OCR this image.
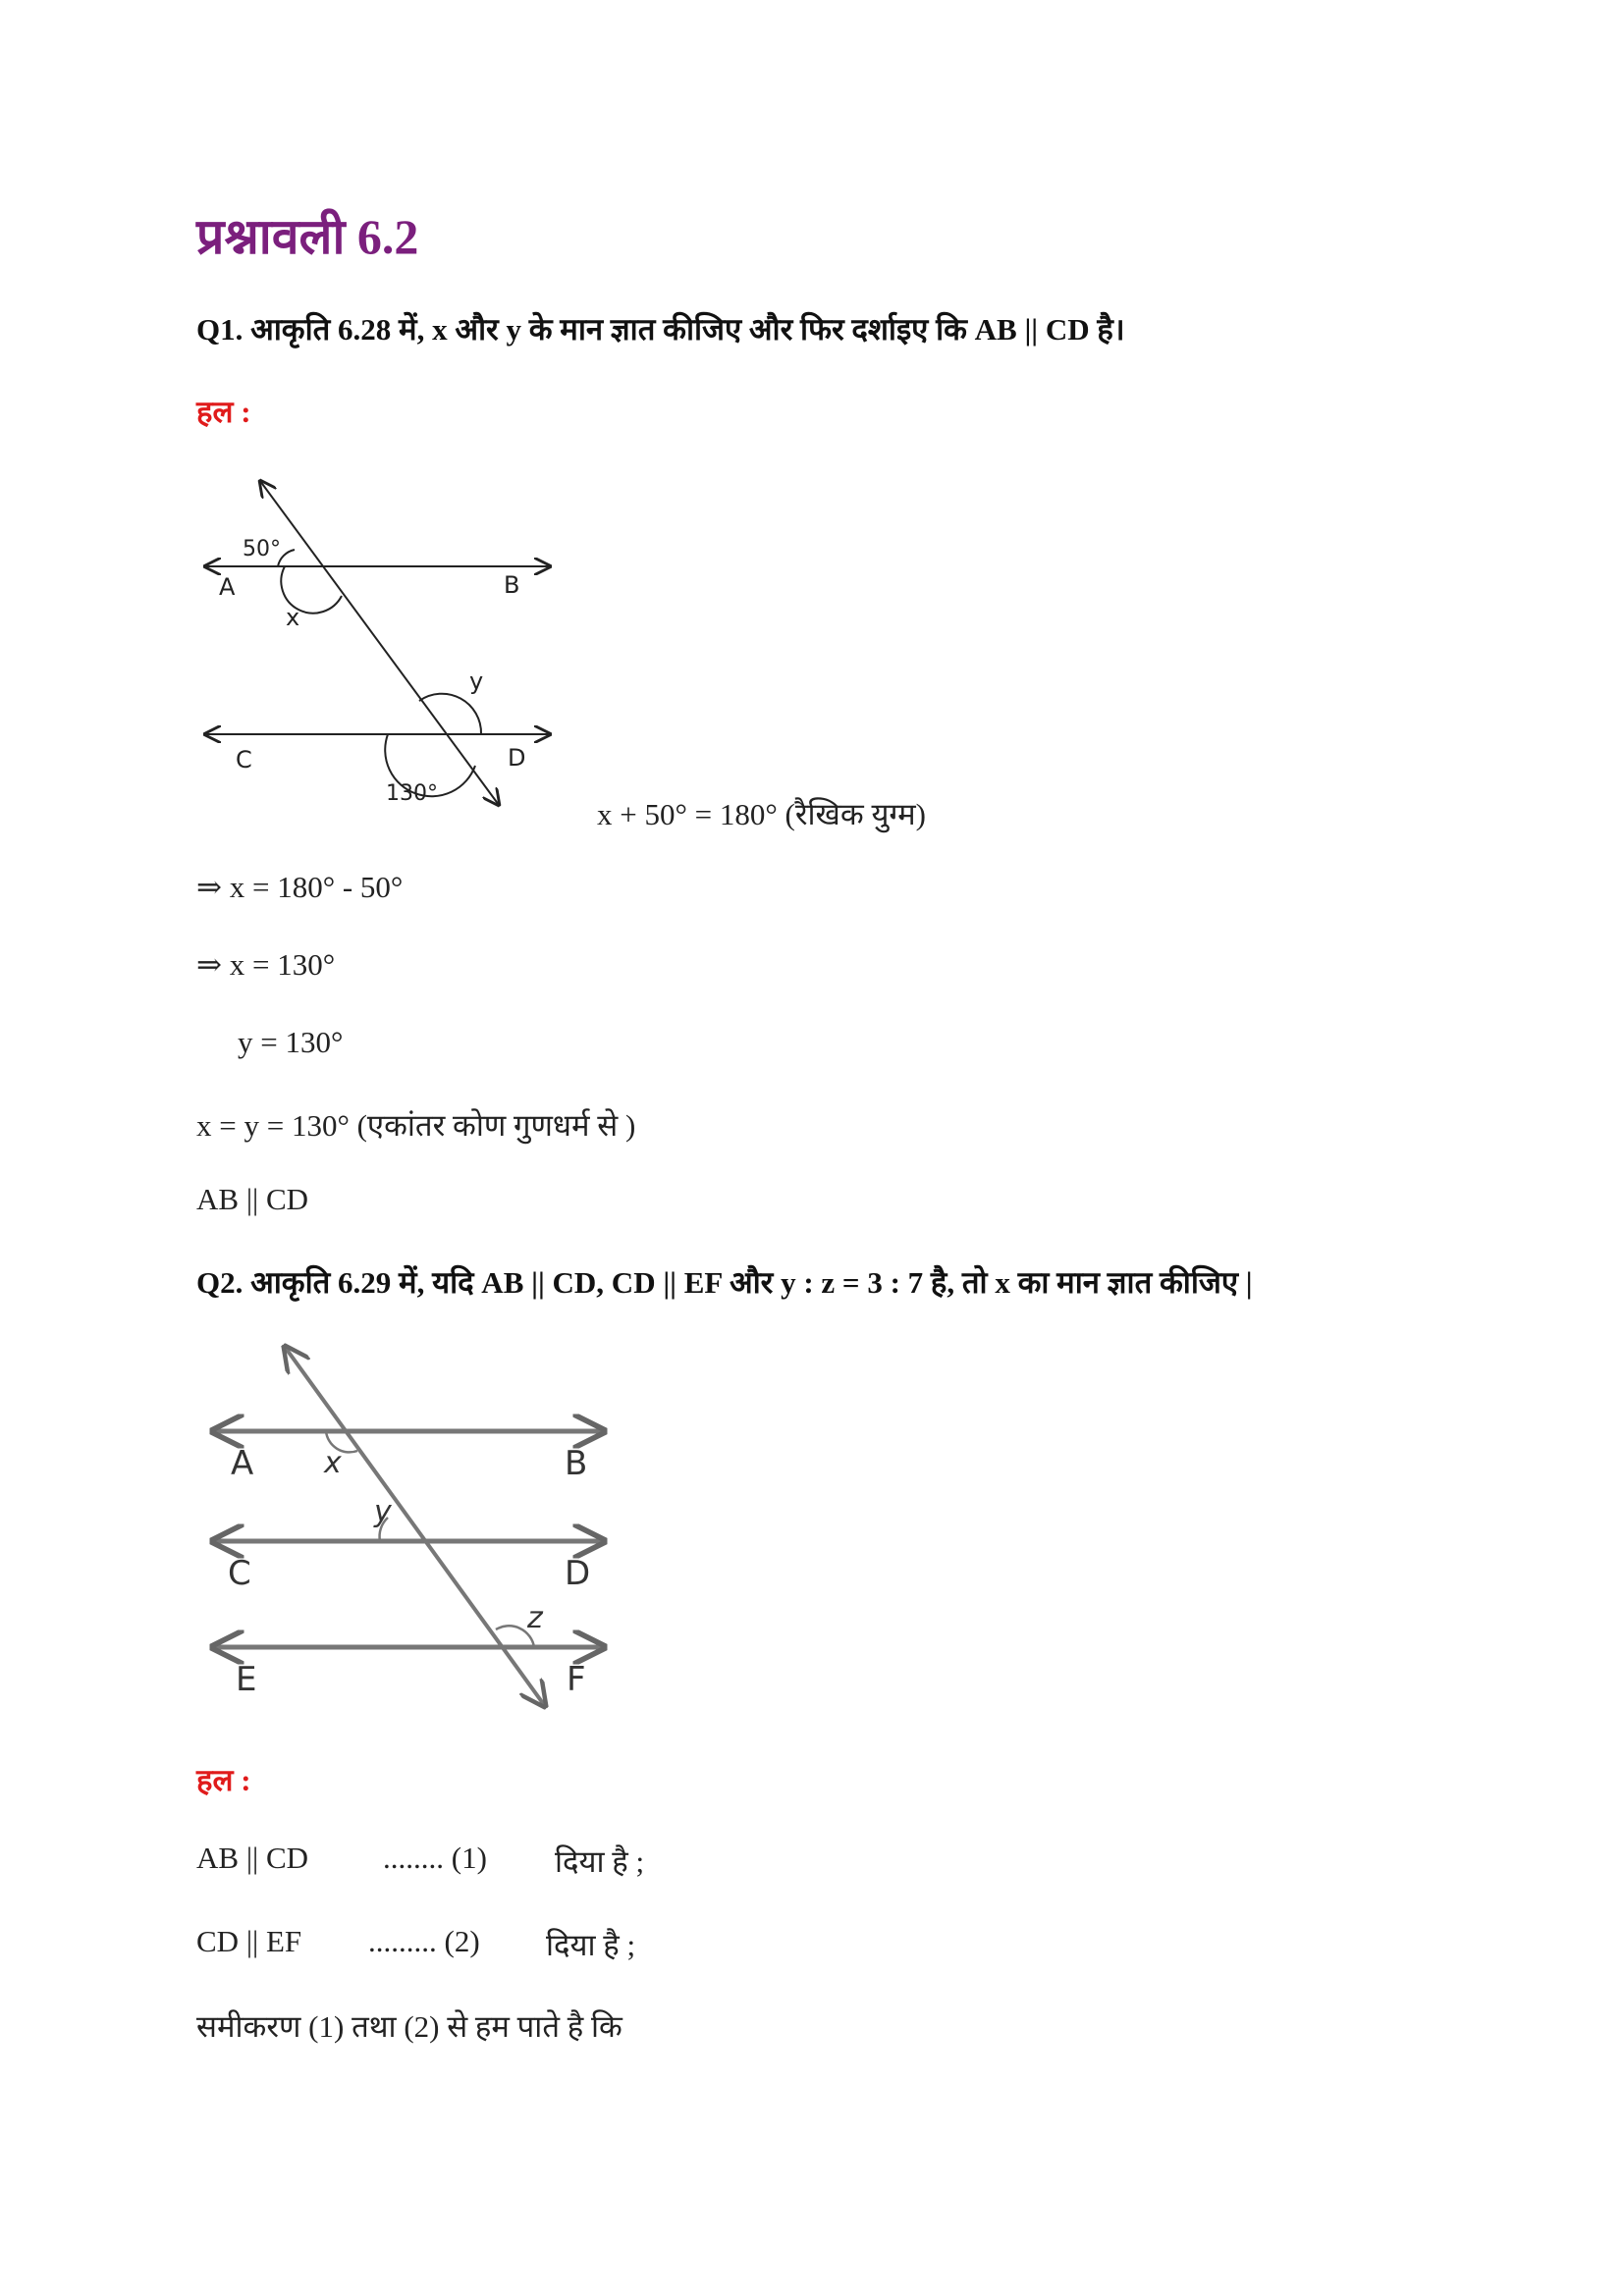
प्रश्नावली 6.2
Q1. आकृति 6.28 में, x और y के मान ज्ञात कीजिए और फिर दर्शाइए कि AB || CD है।
हल :
50°
A	B
x
y
C	D
130°
x + 50° = 180° (रैखिक युग्म)
⇒ x = 180° - 50°
⇒ x = 130°
y = 130°
x = y = 130° (एकांतर कोण गुणधर्म से )
AB || CD
Q2. आकृति 6.29 में, यदि AB || CD, CD || EF और y : z = 3 : 7 है, तो x का मान ज्ञात कीजिए |
A x	B
y
C	D
z
E	F
हल :
AB || CD ........ (1) दिया है ;
CD || EF ......... (2) दिया है ;
समीकरण (1) तथा (2) से हम पाते है कि
